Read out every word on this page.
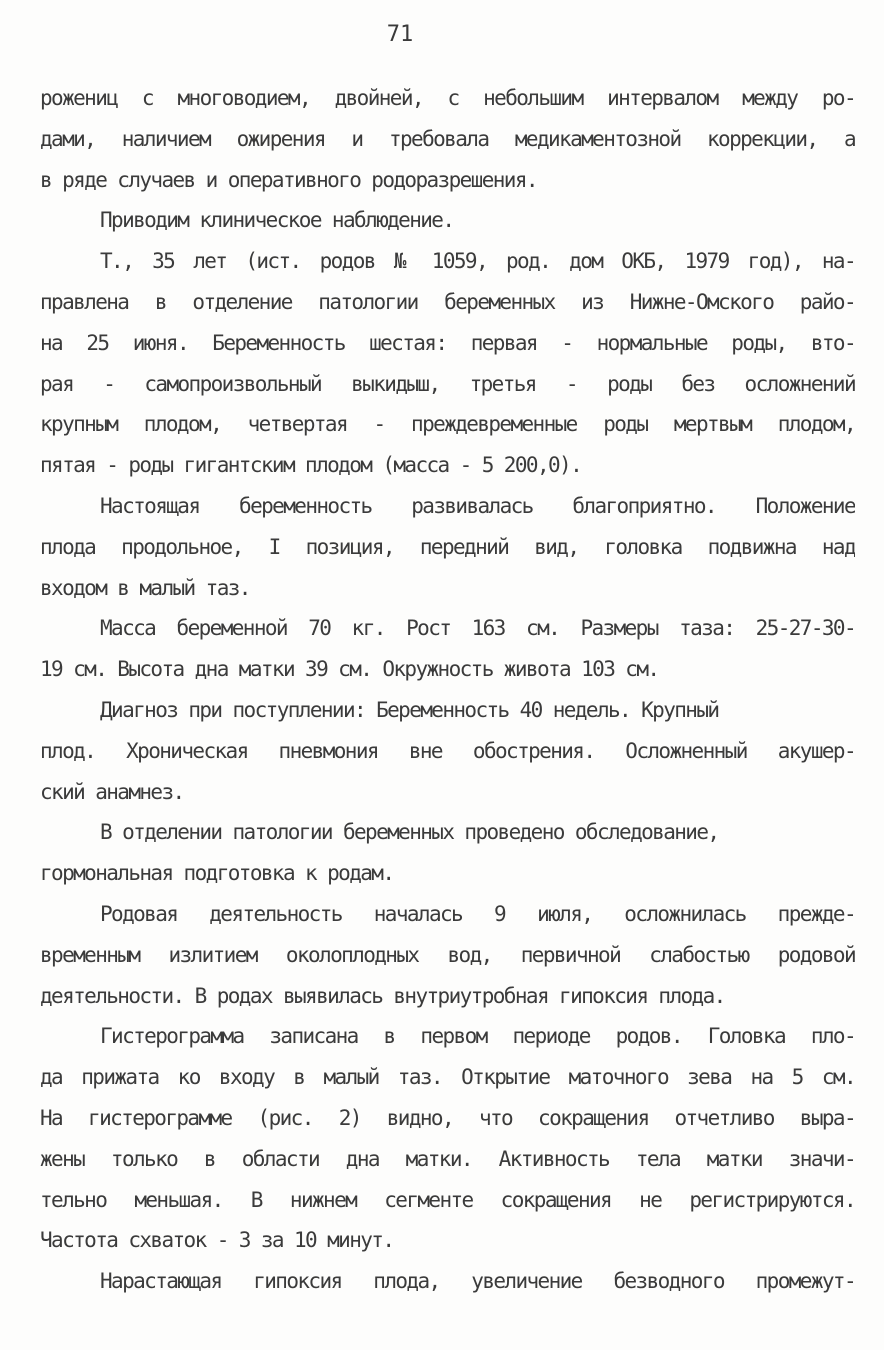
71
рожениц с многоводием, двойней, с небольшим интервалом между ро-
дами, наличием ожирения и требовала медикаментозной коррекции, а
в ряде случаев и оперативного родоразрешения.
Приводим клиническое наблюдение.
Т., 35 лет (ист. родов № 1059, род. дом ОКБ, 1979 год), на-
правлена в отделение патологии беременных из Нижне-Омского райо-
на 25 июня. Беременность шестая: первая - нормальные роды, вто-
рая - самопроизвольный выкидыш, третья - роды без осложнений
крупным плодом, четвертая - преждевременные роды мертвым плодом,
пятая - роды гигантским плодом (масса - 5 200,0).
Настоящая беременность развивалась благоприятно. Положение
плода продольное, I позиция, передний вид, головка подвижна над
входом в малый таз.
Масса беременной 70 кг. Рост 163 см. Размеры таза: 25-27-30-
19 см. Высота дна матки 39 см. Окружность живота 103 см.
Диагноз при поступлении: Беременность 40 недель. Крупный
плод. Хроническая пневмония вне обострения. Осложненный акушер-
ский анамнез.
В отделении патологии беременных проведено обследование,
гормональная подготовка к родам.
Родовая деятельность началась 9 июля, осложнилась прежде-
временным излитием околоплодных вод, первичной слабостью родовой
деятельности. В родах выявилась внутриутробная гипоксия плода.
Гистерограмма записана в первом периоде родов. Головка пло-
да прижата ко входу в малый таз. Открытие маточного зева на 5 см.
На гистерограмме (рис. 2) видно, что сокращения отчетливо выра-
жены только в области дна матки. Активность тела матки значи-
тельно меньшая. В нижнем сегменте сокращения не регистрируются.
Частота схваток - 3 за 10 минут.
Нарастающая гипоксия плода, увеличение безводного промежут-
